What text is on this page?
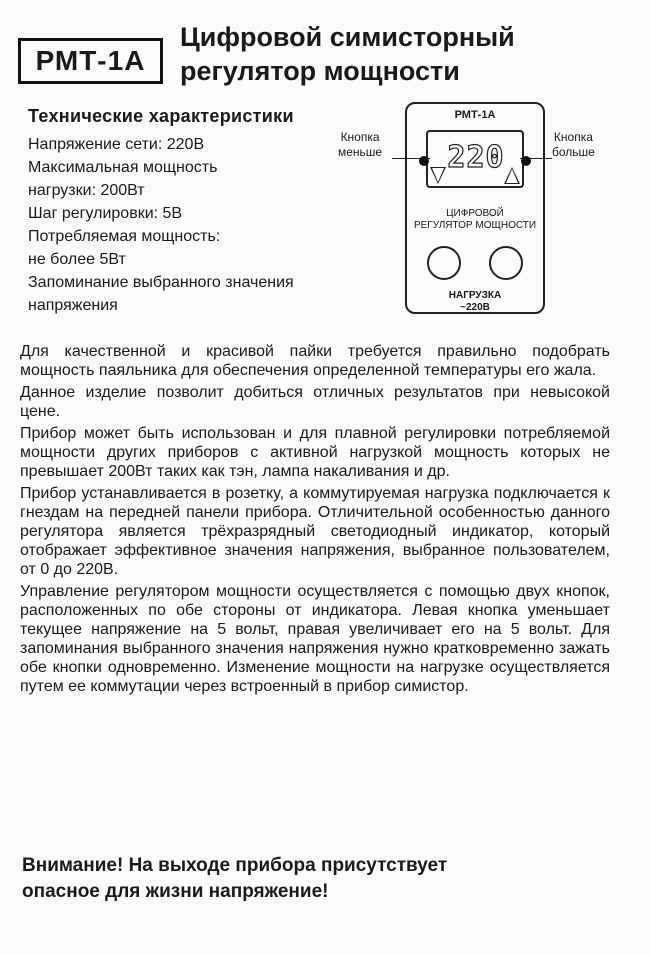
РМТ-1А
Цифровой симисторный
регулятор мощности
Технические характеристики
Напряжение сети: 220В
Максимальная мощность
нагрузки: 200Вт
Шаг регулировки: 5В
Потребляемая мощность:
не более 5Вт
Запоминание выбранного значения
напряжения
Кнопка
меньше
Кнопка
больше
РМТ-1А
220
ЦИФРОВОЙ
РЕГУЛЯТОР МОЩНОСТИ
НАГРУЗКА
~220В

Для качественной и красивой пайки требуется правильно подобрать мощность паяльника для обеспечения определенной температуры его жала.

Данное изделие позволит добиться отличных результатов при невысокой цене.

Прибор может быть использован и для плавной регулировки потребляемой мощности других приборов с активной нагрузкой мощность которых не превышает 200Вт таких как тэн, лампа накаливания и др.

Прибор устанавливается в розетку, а коммутируемая нагрузка подключается к гнездам на передней панели прибора. Отличительной особенностью данного регулятора является трёхразрядный светодиодный индикатор, который отображает эффективное значения напряжения, выбранное пользователем, от 0 до 220В.

Управление регулятором мощности осуществляется с помощью двух кнопок, расположенных по обе стороны от индикатора. Левая кнопка уменьшает текущее напряжение на 5 вольт, правая увеличивает его на 5 вольт. Для запоминания выбранного значения напряжения нужно кратковременно зажать обе кнопки одновременно. Изменение мощности на нагрузке осуществляется путем ее коммутации через встроенный в прибор симистор.

Внимание! На выходе прибора присутствует
опасное для жизни напряжение!
